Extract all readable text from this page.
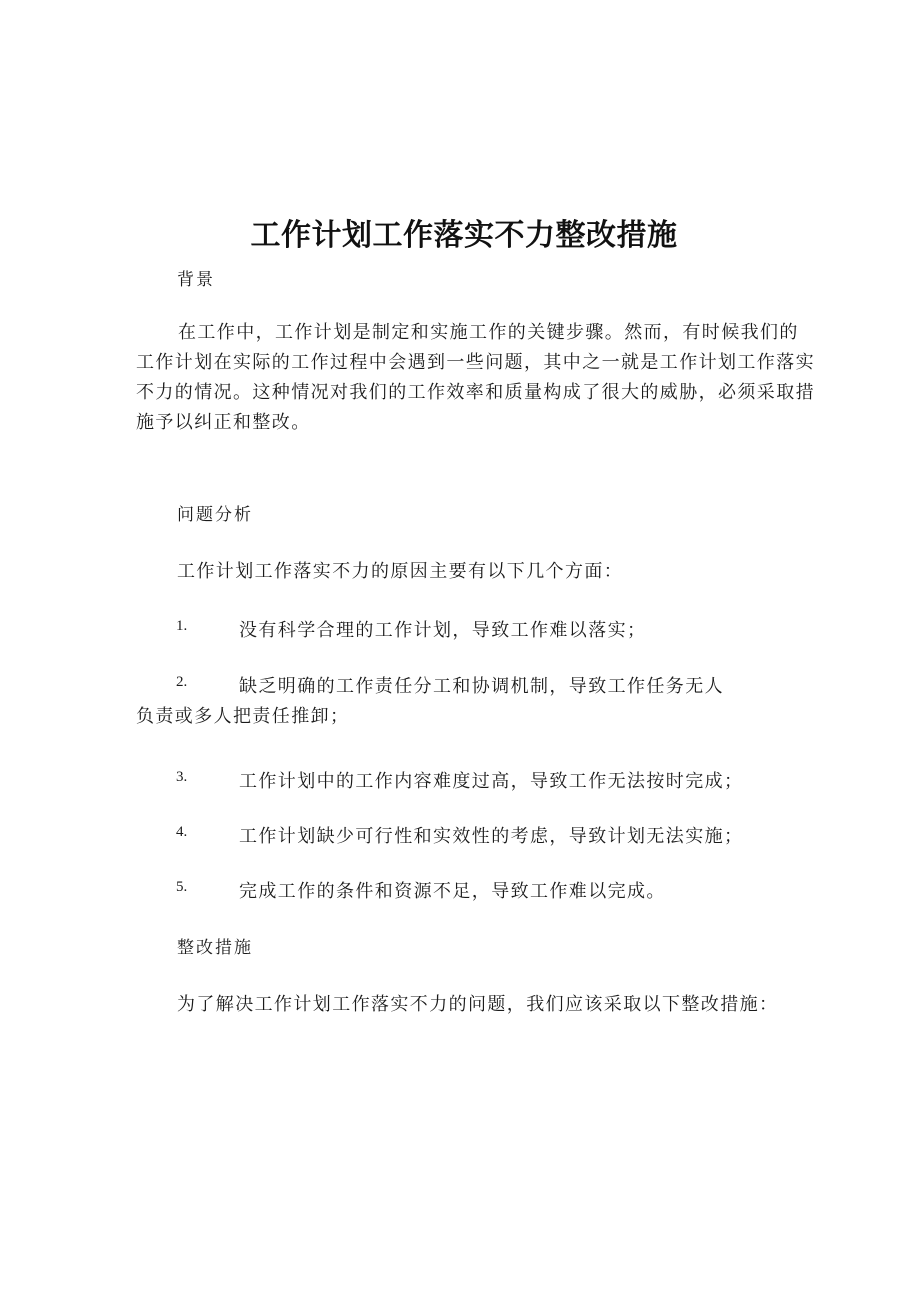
工作计划工作落实不力整改措施

背景

在工作中，工作计划是制定和实施工作的关键步骤。然而，有时候我们的工作计划在实际的工作过程中会遇到一些问题，其中之一就是工作计划工作落实不力的情况。这种情况对我们的工作效率和质量构成了很大的威胁，必须采取措施予以纠正和整改。

问题分析

工作计划工作落实不力的原因主要有以下几个方面：

1.	没有科学合理的工作计划，导致工作难以落实；
2.	缺乏明确的工作责任分工和协调机制，导致工作任务无人
负责或多人把责任推卸；
3.	工作计划中的工作内容难度过高，导致工作无法按时完成；
4.	工作计划缺少可行性和实效性的考虑，导致计划无法实施；
5.	完成工作的条件和资源不足，导致工作难以完成。

整改措施

为了解决工作计划工作落实不力的问题，我们应该采取以下整改措施：
